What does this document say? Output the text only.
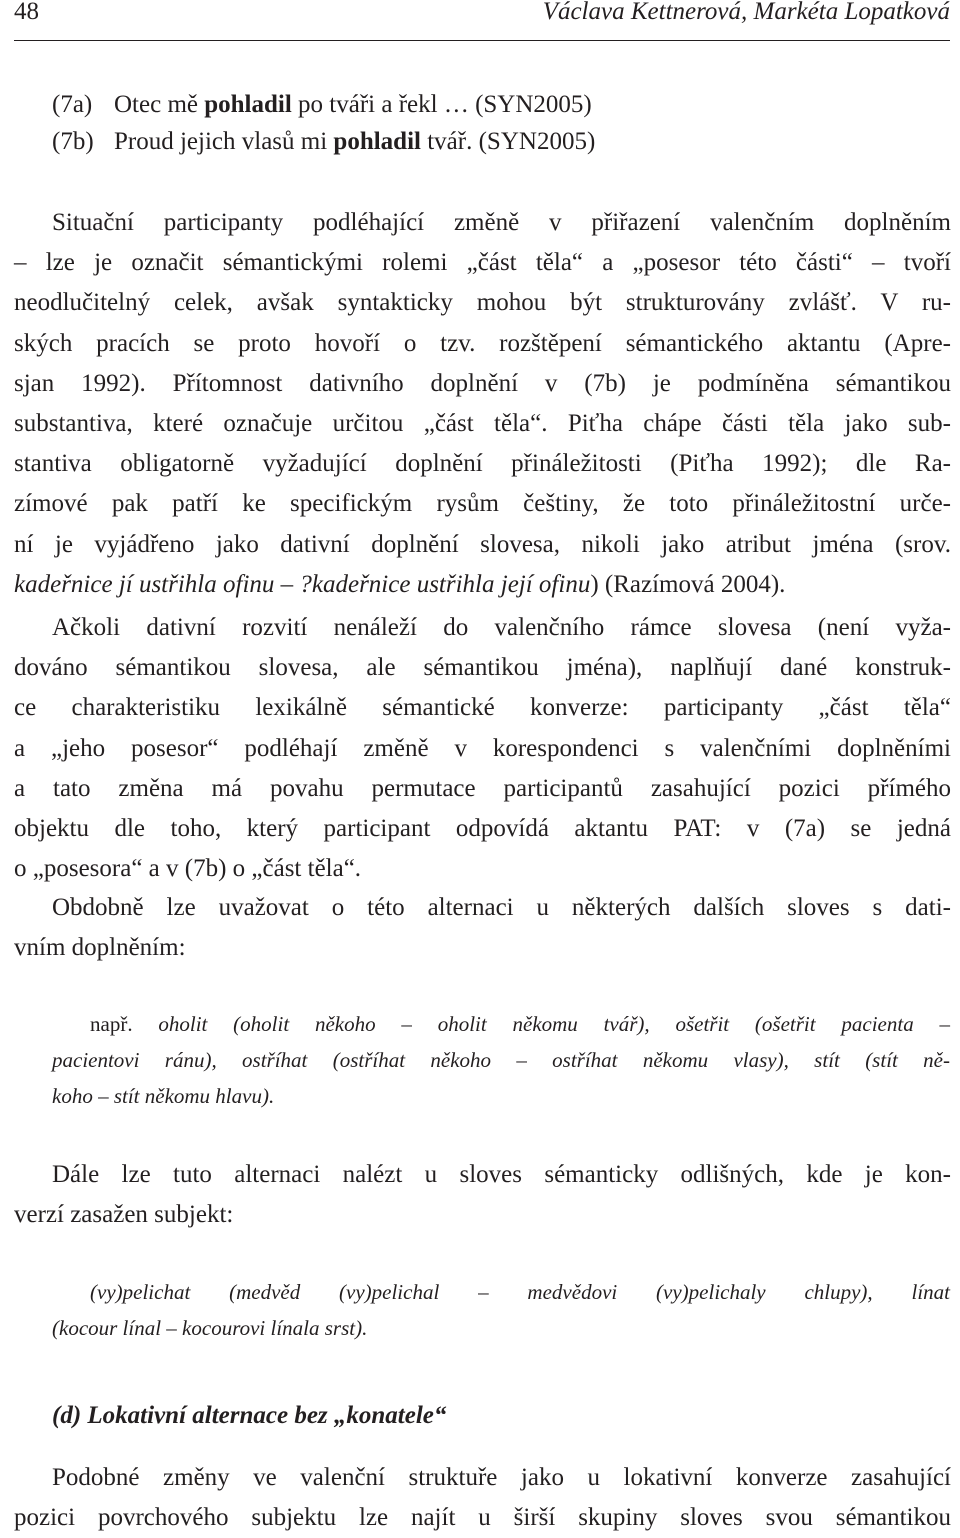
48	Václava Kettnerová, Markéta Lopatková
(7a) Otec mě pohladil po tváři a řekl … (SYN2005)
(7b) Proud jejich vlasů mi pohladil tvář. (SYN2005)
Situační participanty podléhající změně v přiřazení valenčním doplněním
– lze je označit sémantickými rolemi „část těla“ a „posesor této části“ – tvoří
neodlučitelný celek, avšak syntakticky mohou být strukturovány zvlášť. V ru-
ských pracích se proto hovoří o tzv. rozštěpení sémantického aktantu (Apre-
sjan 1992). Přítomnost dativního doplnění v (7b) je podmíněna sémantikou
substantiva, které označuje určitou „část těla“. Piťha chápe části těla jako sub-
stantiva obligatorně vyžadující doplnění přináležitosti (Piťha 1992); dle Ra-
zímové pak patří ke specifickým rysům češtiny, že toto přináležitostní urče-
ní je vyjádřeno jako dativní doplnění slovesa, nikoli jako atribut jména (srov.
kadeřnice jí ustřihla ofinu – ?kadeřnice ustřihla její ofinu) (Razímová 2004).
Ačkoli dativní rozvití nenáleží do valenčního rámce slovesa (není vyža-
dováno sémantikou slovesa, ale sémantikou jména), naplňují dané konstruk-
ce charakteristiku lexikálně sémantické konverze: participanty „část těla“
a „jeho posesor“ podléhají změně v korespondenci s valenčními doplněními
a tato změna má povahu permutace participantů zasahující pozici přímého
objektu dle toho, který participant odpovídá aktantu PAT: v (7a) se jedná
o „posesora“ a v (7b) o „část těla“.
Obdobně lze uvažovat o této alternaci u některých dalších sloves s dati-
vním doplněním:
např. oholit (oholit někoho – oholit někomu tvář), ošetřit (ošetřit pacienta –
pacientovi ránu), ostříhat (ostříhat někoho – ostříhat někomu vlasy), stít (stít ně-
koho – stít někomu hlavu).
Dále lze tuto alternaci nalézt u sloves sémanticky odlišných, kde je kon-
verzí zasažen subjekt:
(vy)pelichat (medvěd (vy)pelichal – medvědovi (vy)pelichaly chlupy), línat
(kocour línal – kocourovi línala srst).
(d) Lokativní alternace bez „konatele“
Podobné změny ve valenční struktuře jako u lokativní konverze zasahující
pozici povrchového subjektu lze najít u širší skupiny sloves svou sémantikou
